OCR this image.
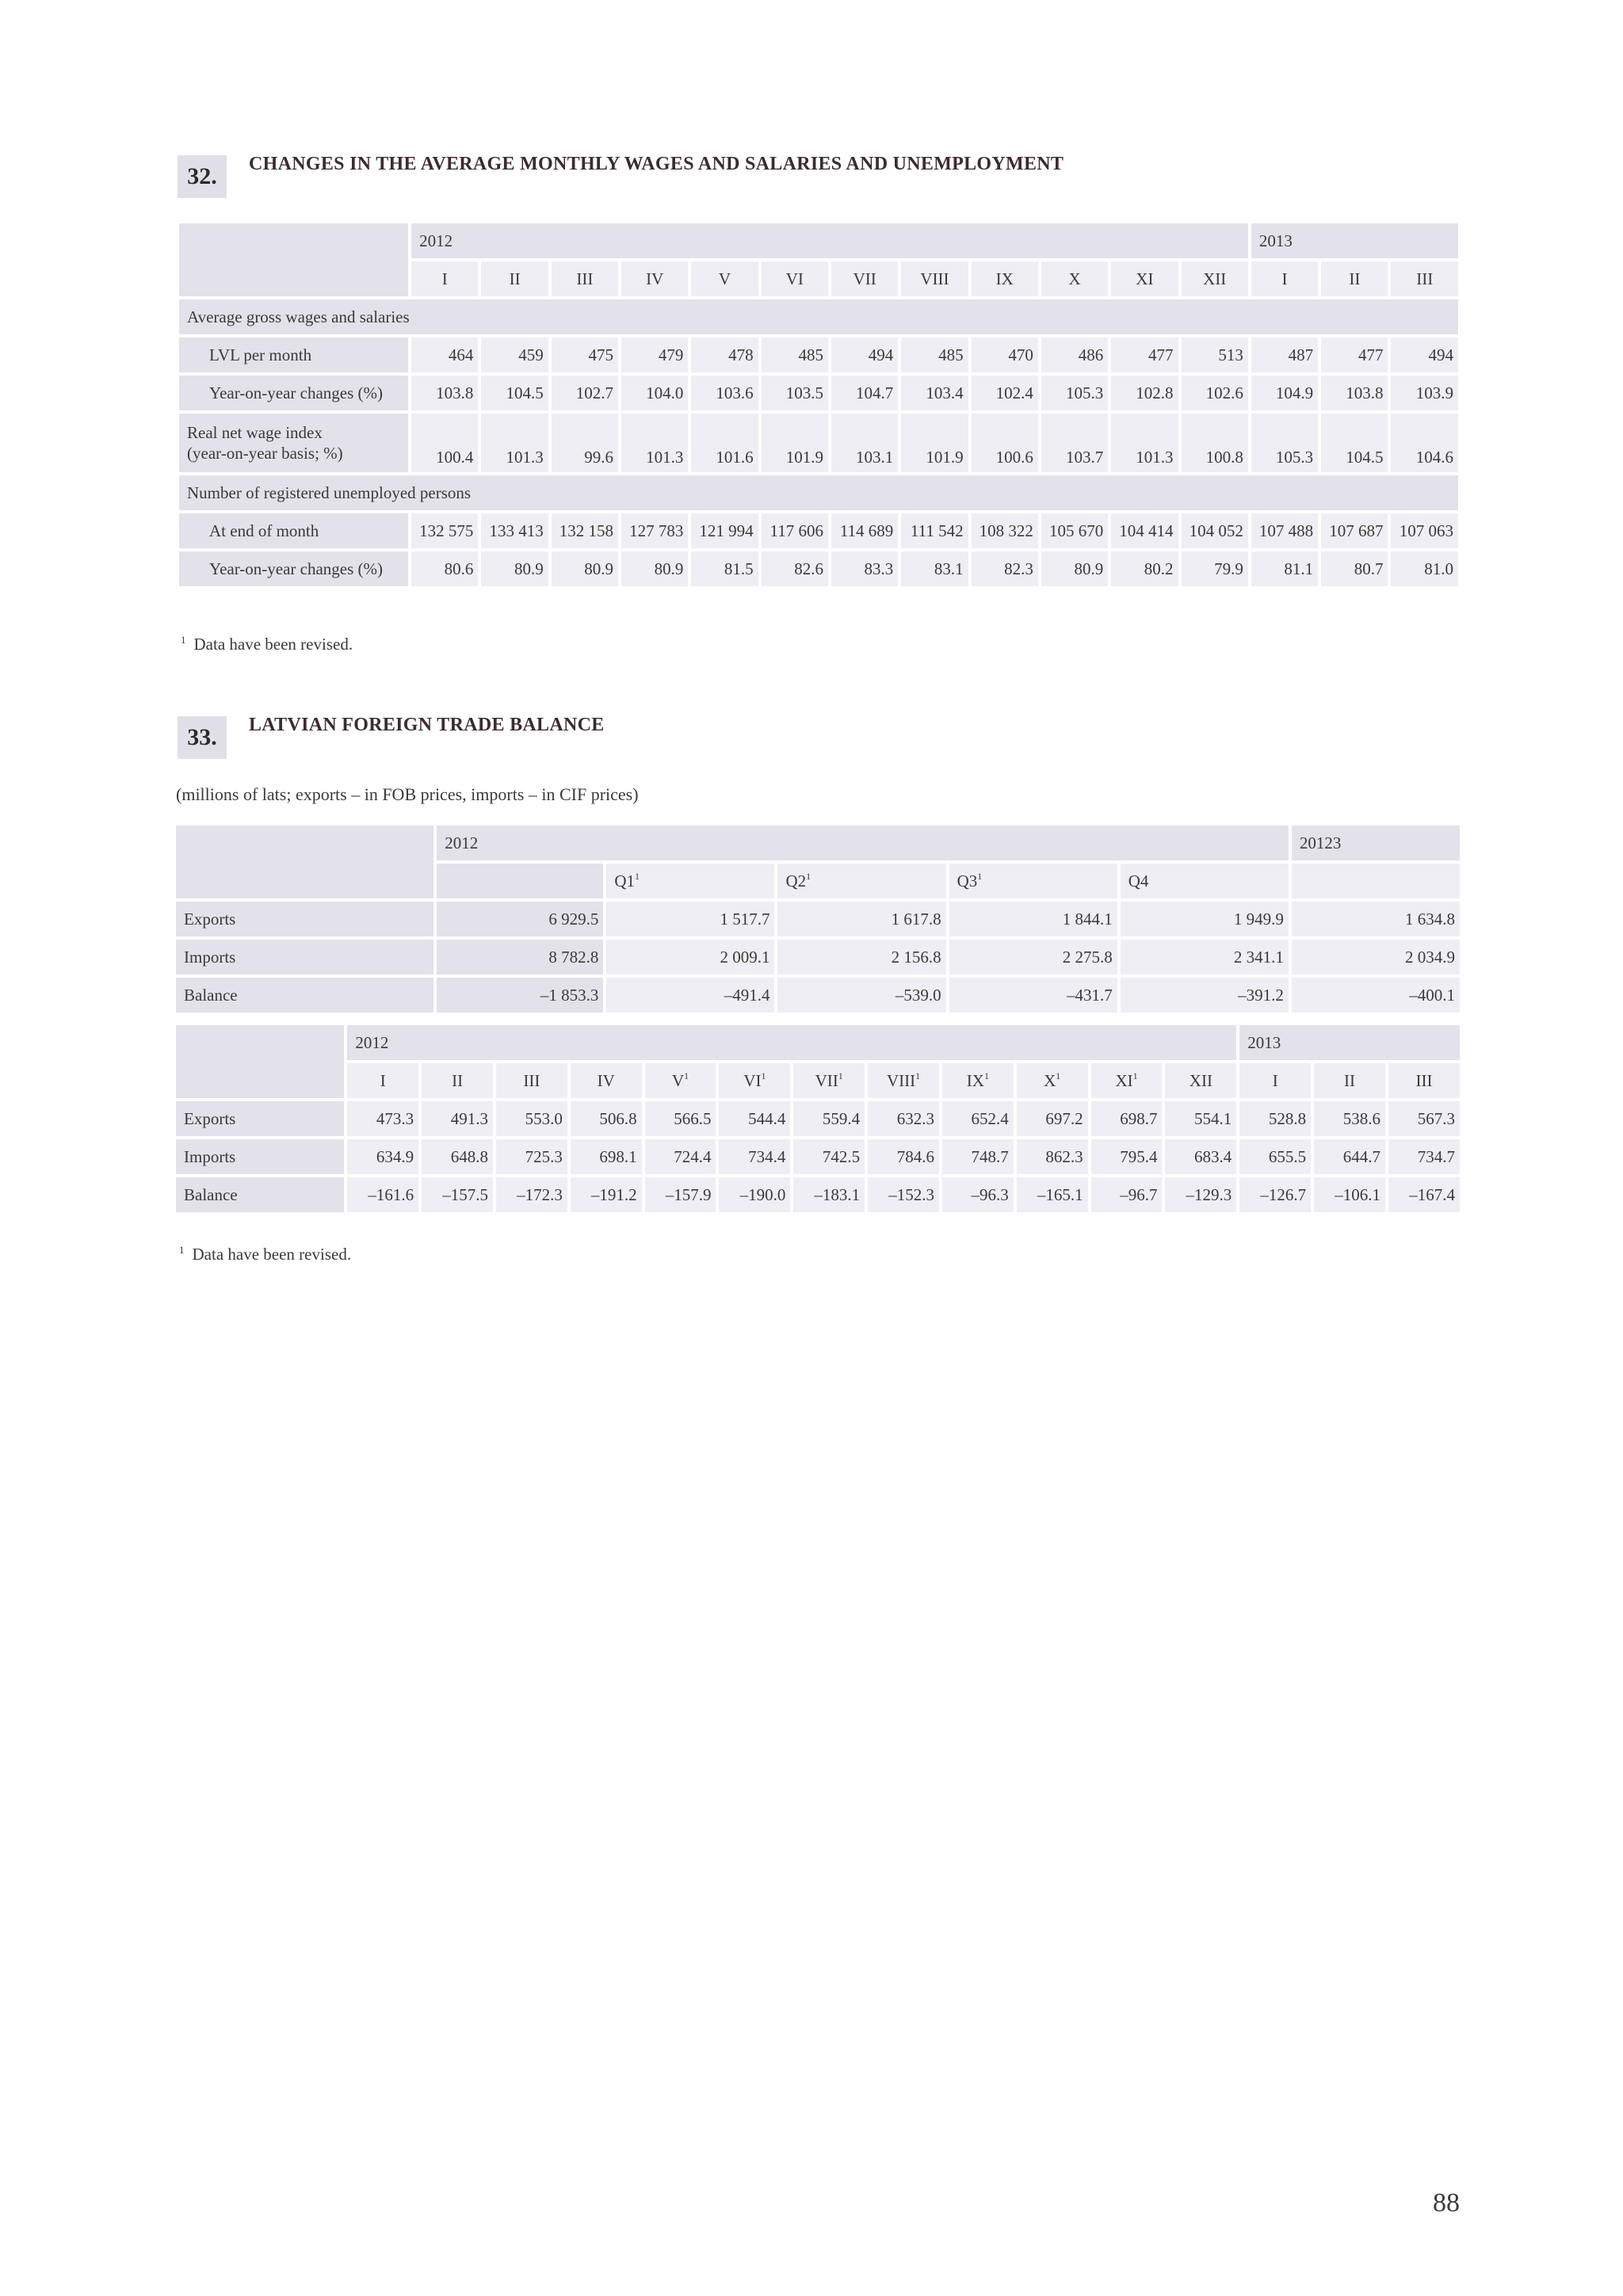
32.	CHANGES IN THE AVERAGE MONTHLY WAGES AND SALARIES AND UNEMPLOYMENT
	2012												2013		
	I	II	III	IV	V	VI	VII	VIII	IX	X	XI	XII	I	II	III
Average gross wages and salaries															
LVL per month	464	459	475	479	478	485	494	485	470	486	477	513	487	477	494
Year-on-year changes (%)	103.8	104.5	102.7	104.0	103.6	103.5	104.7	103.4	102.4	105.3	102.8	102.6	104.9	103.8	103.9

Real net wage index
(year-on-year basis; %)	100.4	101.3	99.6	101.3	101.6	101.9	103.1	101.9	100.6	103.7	101.3	100.8	105.3	104.5	104.6
Number of registered unemployed persons															
At end of month	132 575	133 413	132 158	127 783	121 994	117 606	114 689	111 542	108 322	105 670	104 414	104 052	107 488	107 687	107 063
Year-on-year changes (%)	80.6	80.9	80.9	80.9	81.5	82.6	83.3	83.1	82.3	80.9	80.2	79.9	81.1	80.7	81.0
$^1$ Data have been revised.
33.	LATVIAN FOREIGN TRADE BALANCE
(millions of lats; exports – in FOB prices, imports – in CIF prices)
	2012					20123
		$Q1^1$	$Q2^1$	$Q3^1$	Q4	
Exports	6 929.5	1 517.7	1 617.8	1 844.1	1 949.9	1 634.8
Imports	8 782.8	2 009.1	2 156.8	2 275.8	2 341.1	2 034.9
Balance	–1 853.3	–491.4	–539.0	–431.7	–391.2	–400.1
	2012												2013		
	I	II	III	IV	$V^1$	$VI^1$	VII$^1$	VIII$^1$	$IX^1$	$X^1$	$XI^1$	XII	I	II	III
Exports	473.3	491.3	553.0	506.8	566.5	544.4	559.4	632.3	652.4	697.2	698.7	554.1	528.8	538.6	567.3
Imports	634.9	648.8	725.3	698.1	724.4	734.4	742.5	784.6	748.7	862.3	795.4	683.4	655.5	644.7	734.7
Balance	–161.6	–157.5	–172.3	–191.2	–157.9	–190.0	–183.1	–152.3	–96.3	–165.1	–96.7	–129.3	–126.7	–106.1	–167.4
$^1$ Data have been revised.
88
